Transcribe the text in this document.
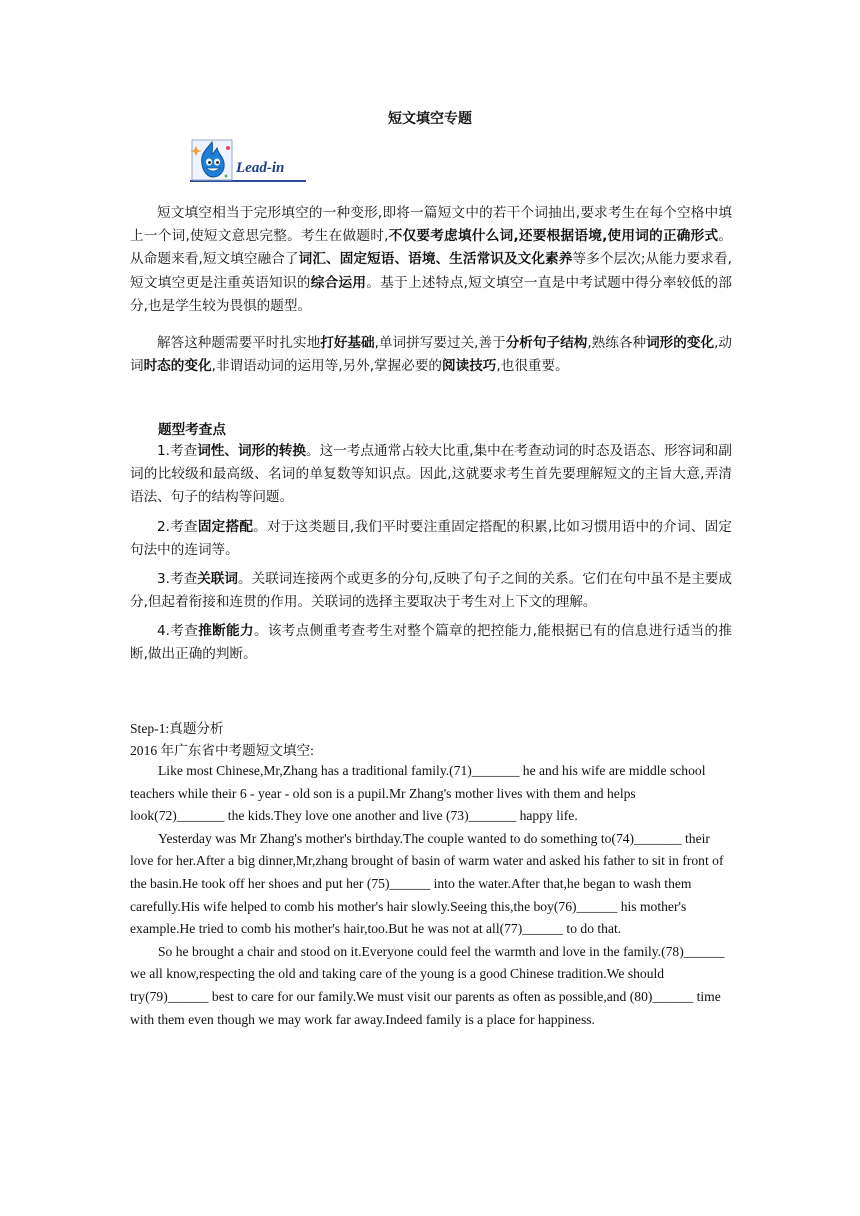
短文填空专题
Lead-in

短文填空相当于完形填空的一种变形,即将一篇短文中的若干个词抽出,要求考生在每个空格中填上一个词,使短文意思完整。考生在做题时,不仅要考虑填什么词,还要根据语境,使用词的正确形式。从命题来看,短文填空融合了词汇、固定短语、语境、生活常识及文化素养等多个层次;从能力要求看,短文填空更是注重英语知识的综合运用。基于上述特点,短文填空一直是中考试题中得分率较低的部分,也是学生较为畏惧的题型。

解答这种题需要平时扎实地打好基础,单词拼写要过关,善于分析句子结构,熟练各种词形的变化,动词时态的变化,非谓语动词的运用等,另外,掌握必要的阅读技巧,也很重要。

题型考查点

1.考查词性、词形的转换。这一考点通常占较大比重,集中在考查动词的时态及语态、形容词和副词的比较级和最高级、名词的单复数等知识点。因此,这就要求考生首先要理解短文的主旨大意,弄清语法、句子的结构等问题。

2.考查固定搭配。对于这类题目,我们平时要注重固定搭配的积累,比如习惯用语中的介词、固定句法中的连词等。

3.考查关联词。关联词连接两个或更多的分句,反映了句子之间的关系。它们在句中虽不是主要成分,但起着衔接和连贯的作用。关联词的选择主要取决于考生对上下文的理解。

4.考查推断能力。该考点侧重考查考生对整个篇章的把控能力,能根据已有的信息进行适当的推断,做出正确的判断。

Step-1:真题分析
2016 年广东省中考题短文填空:
Like most Chinese,Mr,Zhang has a traditional family.(71)_______ he and his wife are middle school teachers while their 6 - year - old son is a pupil.Mr Zhang's mother lives with them and helps look(72)_______ the kids.They love one another and live (73)_______ happy life.
Yesterday was Mr Zhang's mother's birthday.The couple wanted to do something to(74)_______ their love for her.After a big dinner,Mr,zhang brought of basin of warm water and asked his father to sit in front of the basin.He took off her shoes and put her (75)______ into the water.After that,he began to wash them carefully.His wife helped to comb his mother's hair slowly.Seeing this,the boy(76)______ his mother's example.He tried to comb his mother's hair,too.But he was not at all(77)______ to do that.
So he brought a chair and stood on it.Everyone could feel the warmth and love in the family.(78)______ we all know,respecting the old and taking care of the young is a good Chinese tradition.We should try(79)______ best to care for our family.We must visit our parents as often as possible,and (80)______ time with them even though we may work far away.Indeed family is a place for happiness.
